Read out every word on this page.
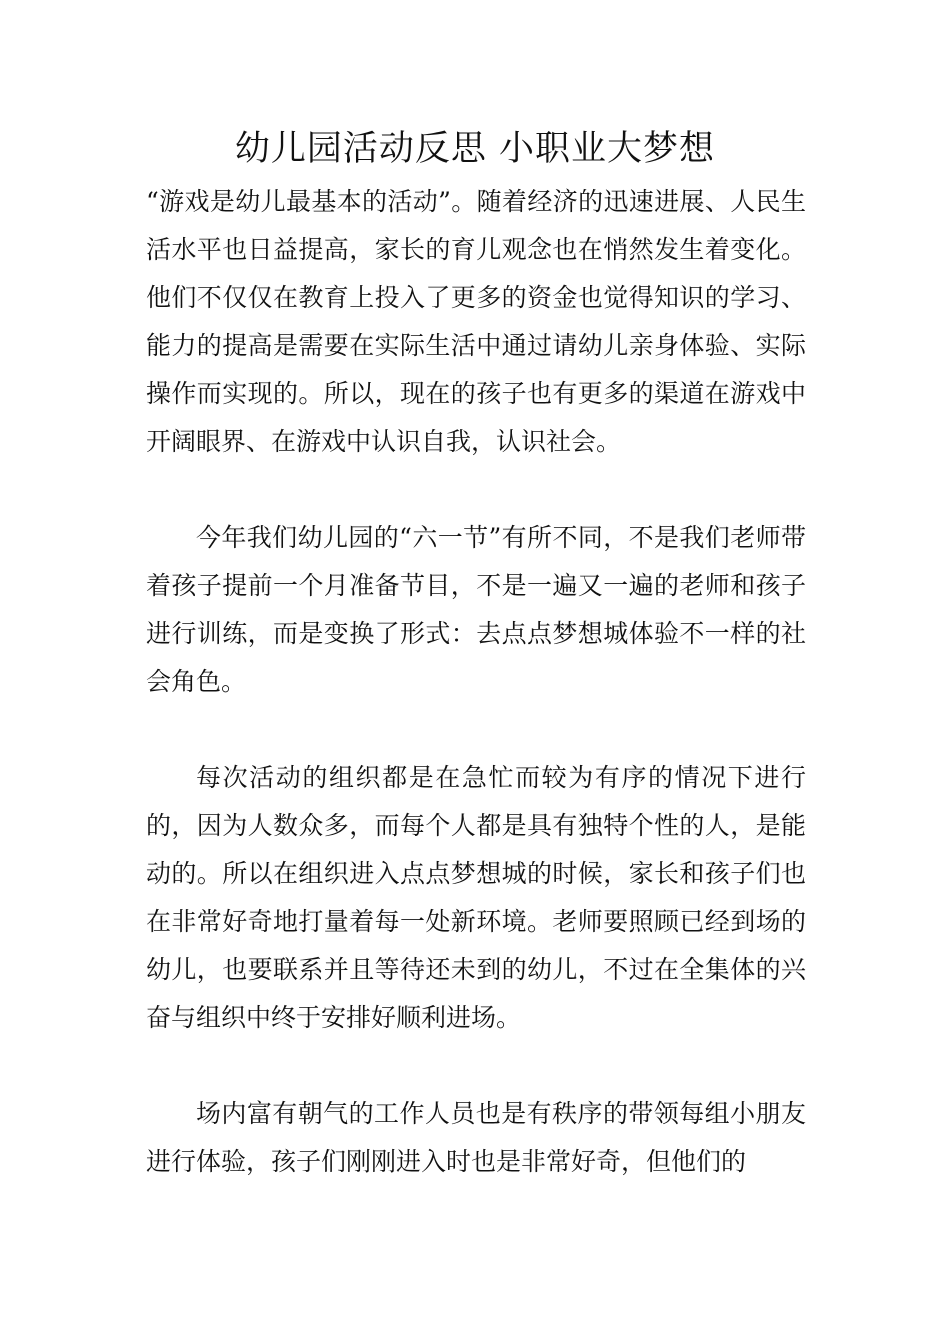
幼儿园活动反思 小职业大梦想

“游戏是幼儿最基本的活动”。随着经济的迅速进展、人民生活水平也日益提高，家长的育儿观念也在悄然发生着变化。他们不仅仅在教育上投入了更多的资金也觉得知识的学习、能力的提高是需要在实际生活中通过请幼儿亲身体验、实际操作而实现的。所以，现在的孩子也有更多的渠道在游戏中开阔眼界、在游戏中认识自我，认识社会。

今年我们幼儿园的“六一节”有所不同，不是我们老师带着孩子提前一个月准备节目，不是一遍又一遍的老师和孩子进行训练，而是变换了形式：去点点梦想城体验不一样的社会角色。

每次活动的组织都是在急忙而较为有序的情况下进行的，因为人数众多，而每个人都是具有独特个性的人，是能动的。所以在组织进入点点梦想城的时候，家长和孩子们也在非常好奇地打量着每一处新环境。老师要照顾已经到场的幼儿，也要联系并且等待还未到的幼儿，不过在全集体的兴奋与组织中终于安排好顺利进场。

场内富有朝气的工作人员也是有秩序的带领每组小朋友进行体验，孩子们刚刚进入时也是非常好奇，但他们的
